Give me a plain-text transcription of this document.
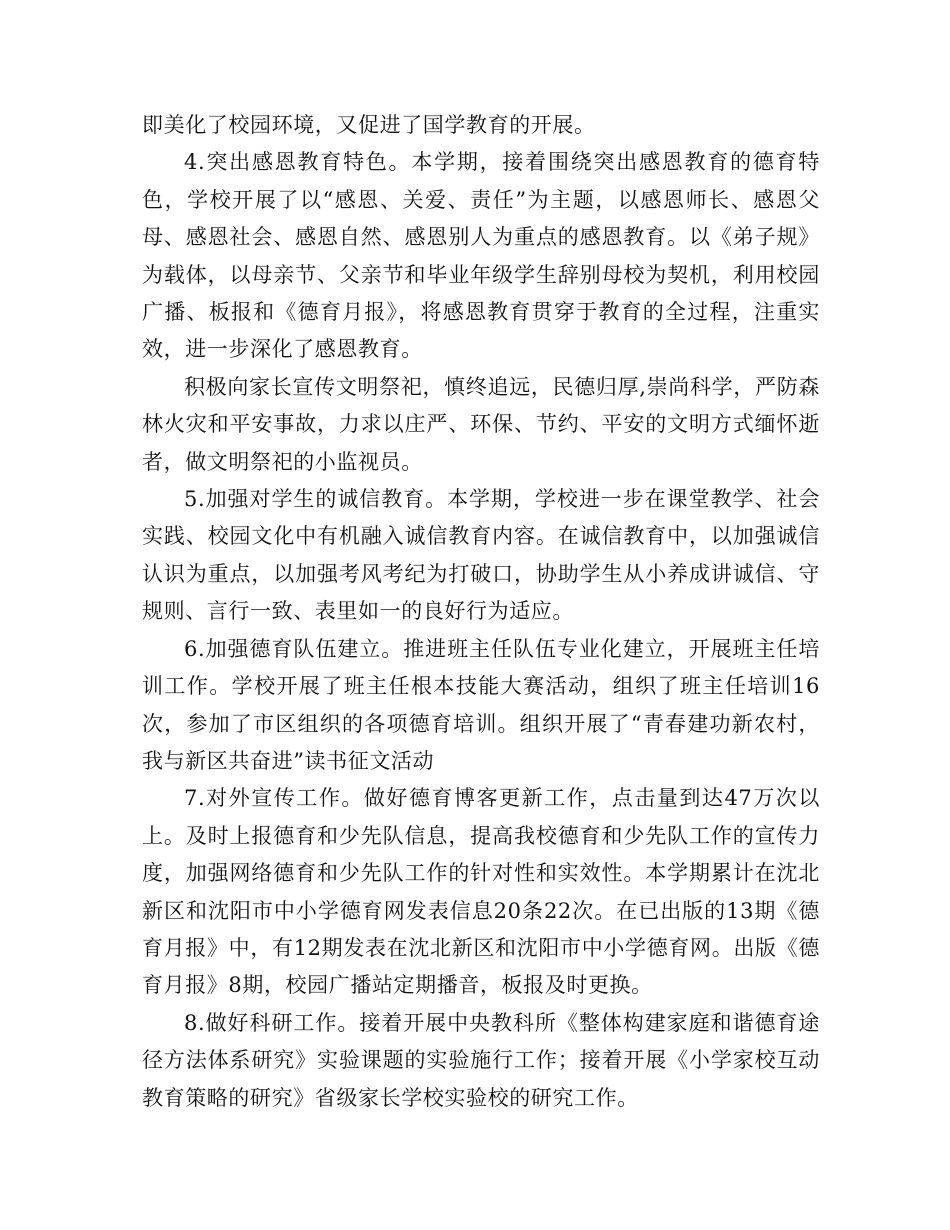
即美化了校园环境，又促进了国学教育的开展。

4.突出感恩教育特色。本学期，接着围绕突出感恩教育的德育特色，学校开展了以“感恩、关爱、责任”为主题，以感恩师长、感恩父母、感恩社会、感恩自然、感恩别人为重点的感恩教育。以《弟子规》为载体，以母亲节、父亲节和毕业年级学生辞别母校为契机，利用校园广播、板报和《德育月报》，将感恩教育贯穿于教育的全过程，注重实效，进一步深化了感恩教育。

积极向家长宣传文明祭祀，慎终追远，民德归厚,崇尚科学，严防森林火灾和平安事故，力求以庄严、环保、节约、平安的文明方式缅怀逝者，做文明祭祀的小监视员。

5.加强对学生的诚信教育。本学期，学校进一步在课堂教学、社会实践、校园文化中有机融入诚信教育内容。在诚信教育中，以加强诚信认识为重点，以加强考风考纪为打破口，协助学生从小养成讲诚信、守规则、言行一致、表里如一的良好行为适应。

6.加强德育队伍建立。推进班主任队伍专业化建立，开展班主任培训工作。学校开展了班主任根本技能大赛活动，组织了班主任培训16次，参加了市区组织的各项德育培训。组织开展了“青春建功新农村，我与新区共奋进”读书征文活动

7.对外宣传工作。做好德育博客更新工作，点击量到达47万次以上。及时上报德育和少先队信息，提高我校德育和少先队工作的宣传力度，加强网络德育和少先队工作的针对性和实效性。本学期累计在沈北新区和沈阳市中小学德育网发表信息20条22次。在已出版的13期《德育月报》中，有12期发表在沈北新区和沈阳市中小学德育网。出版《德育月报》8期，校园广播站定期播音，板报及时更换。

8.做好科研工作。接着开展中央教科所《整体构建家庭和谐德育途径方法体系研究》实验课题的实验施行工作；接着开展《小学家校互动教育策略的研究》省级家长学校实验校的研究工作。
